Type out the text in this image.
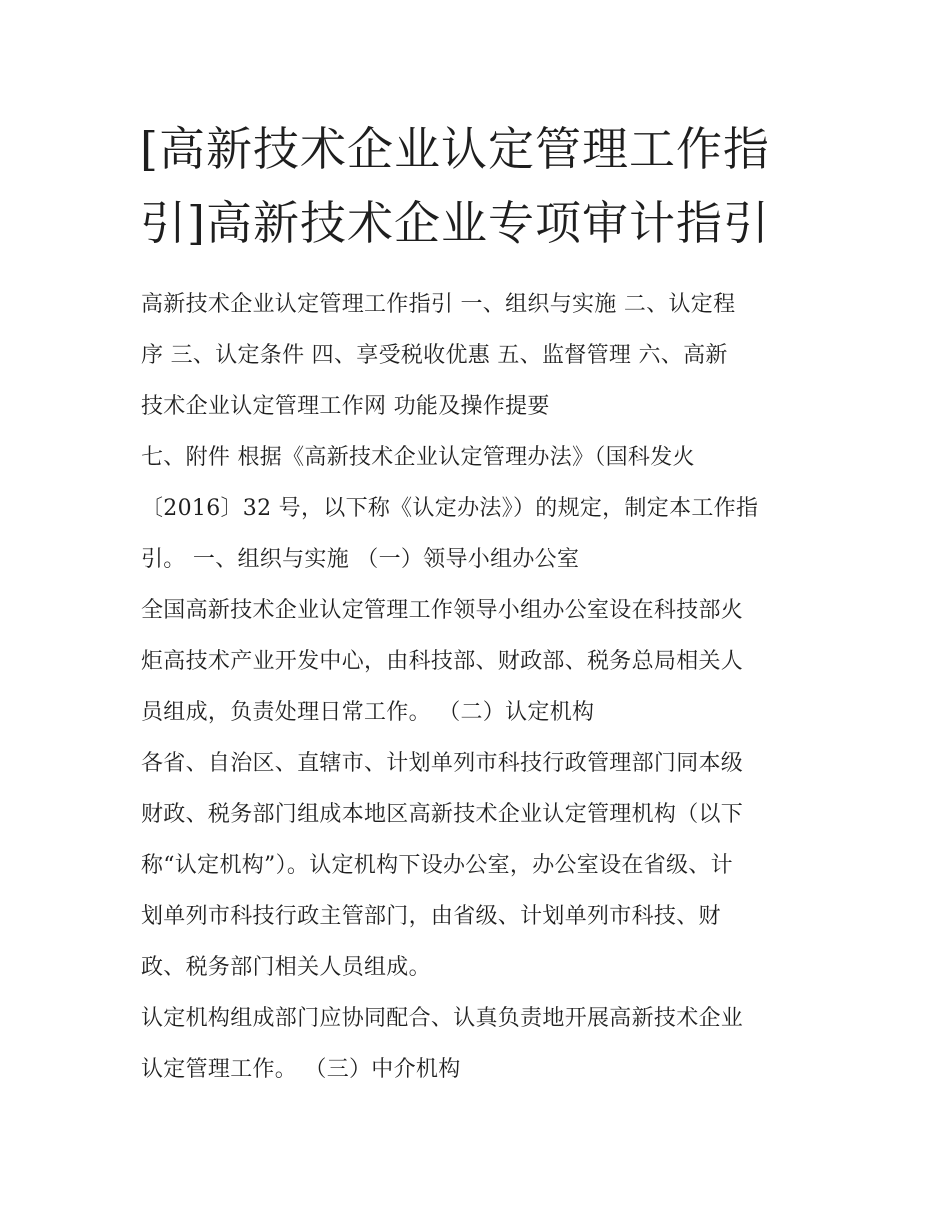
[高新技术企业认定管理工作指
引]高新技术企业专项审计指引
高新技术企业认定管理工作指引 一、组织与实施 二、认定程
序 三、认定条件 四、享受税收优惠 五、监督管理 六、高新
技术企业认定管理工作网 功能及操作提要
七、附件 根据《高新技术企业认定管理办法》（国科发火
〔2016〕32 号，以下称《认定办法》）的规定，制定本工作指
引。 一、组织与实施 （一）领导小组办公室
全国高新技术企业认定管理工作领导小组办公室设在科技部火
炬高技术产业开发中心，由科技部、财政部、税务总局相关人
员组成，负责处理日常工作。 （二）认定机构
各省、自治区、直辖市、计划单列市科技行政管理部门同本级
财政、税务部门组成本地区高新技术企业认定管理机构（以下
称“认定机构”）。认定机构下设办公室，办公室设在省级、计
划单列市科技行政主管部门，由省级、计划单列市科技、财
政、税务部门相关人员组成。
认定机构组成部门应协同配合、认真负责地开展高新技术企业
认定管理工作。 （三）中介机构
